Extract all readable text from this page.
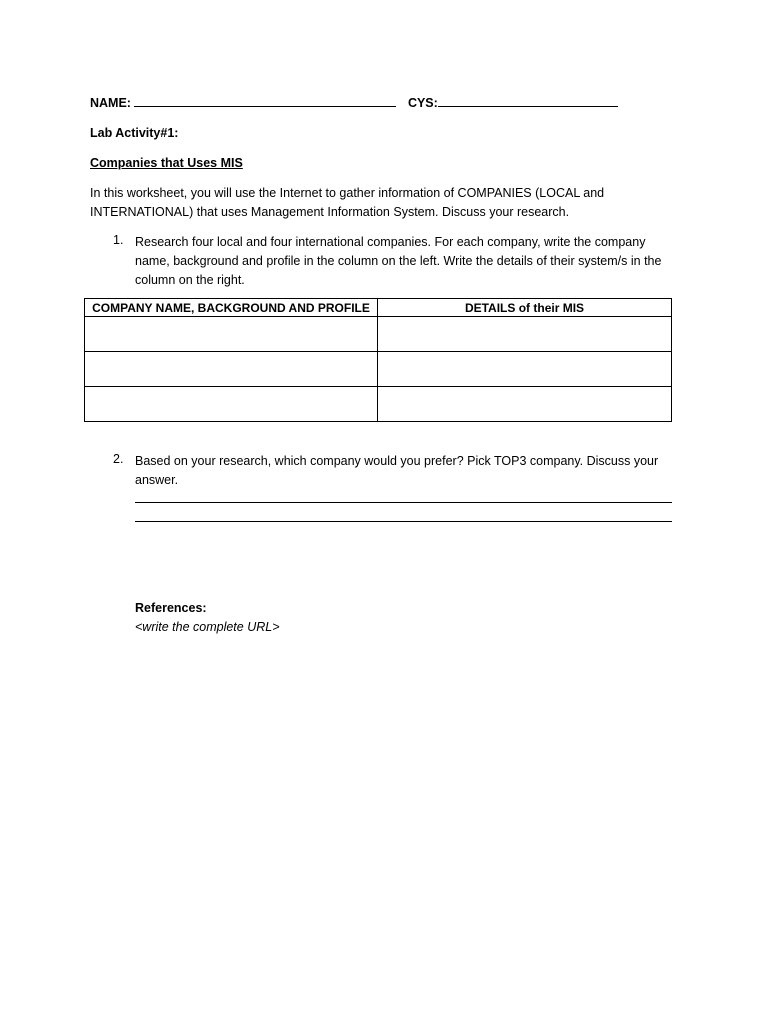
NAME:	CYS:
Lab Activity#1:
Companies that Uses MIS
In this worksheet, you will use the Internet to gather information of COMPANIES (LOCAL and INTERNATIONAL) that uses Management Information System. Discuss your research.
1. Research four local and four international companies. For each company, write the company name, background and profile in the column on the left. Write the details of their system/s in the column on the right.
COMPANY NAME, BACKGROUND AND PROFILE	DETAILS of their MIS

2. Based on your research, which company would you prefer? Pick TOP3 company. Discuss your answer.
References:
<write the complete URL>
